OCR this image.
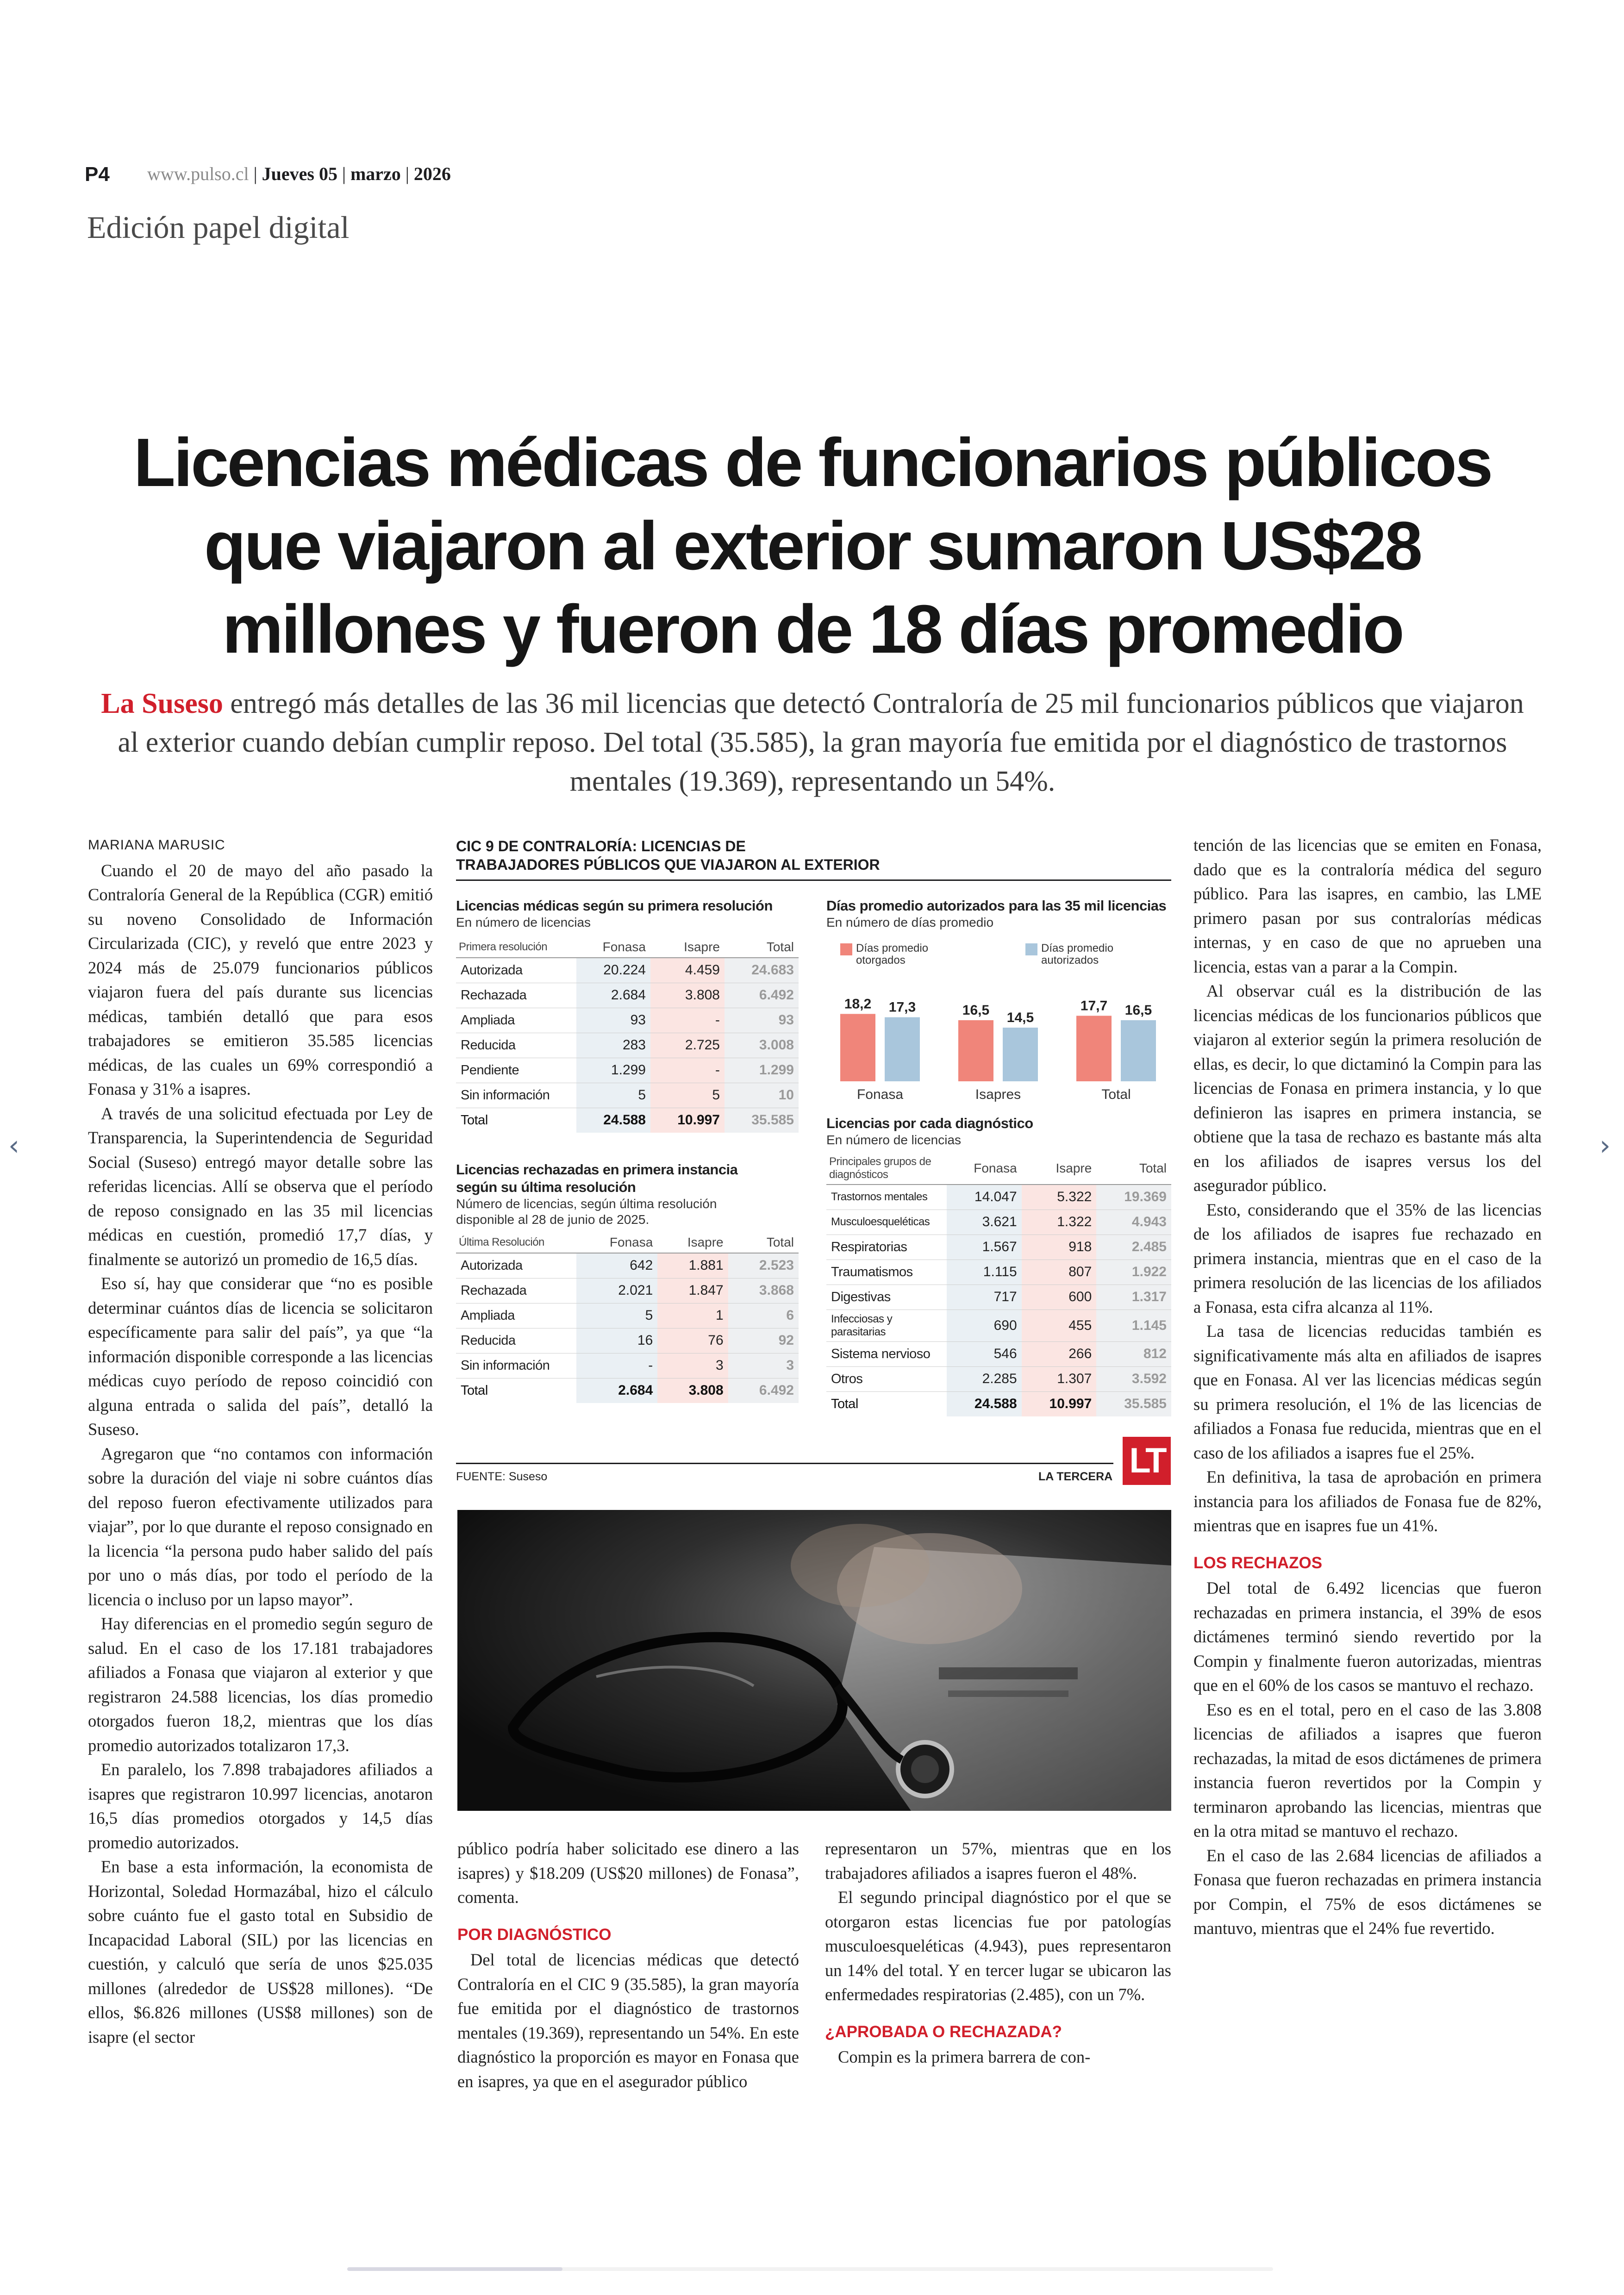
P4 www.pulso.cl | Jueves 05 | marzo | 2026
Edición papel digital
Licencias médicas de funcionarios públicos
que viajaron al exterior sumaron US$28
millones y fueron de 18 días promedio
La Suseso entregó más detalles de las 36 mil licencias que detectó Contraloría de 25 mil funcionarios públicos que viajaron al exterior cuando debían cumplir reposo. Del total (35.585), la gran mayoría fue emitida por el diagnóstico de trastornos mentales (19.369), representando un 54%.

MARIANA MARUSIC

Cuando el 20 de mayo del año pasado la Contraloría General de la República (CGR) emitió su noveno Consolidado de Información Circularizada (CIC), y reveló que entre 2023 y 2024 más de 25.079 funcionarios públicos viajaron fuera del país durante sus licencias médicas, también detalló que para esos trabajadores se emitieron 35.585 licencias médicas, de las cuales un 69% correspondió a Fonasa y 31% a isapres.

A través de una solicitud efectuada por Ley de Transparencia, la Superintendencia de Seguridad Social (Suseso) entregó mayor detalle sobre las referidas licencias. Allí se observa que el período de reposo consignado en las 35 mil licencias médicas en cuestión, promedió 17,7 días, y finalmente se autorizó un promedio de 16,5 días.

Eso sí, hay que considerar que “no es posible determinar cuántos días de licencia se solicitaron específicamente para salir del país”, ya que “la información disponible corresponde a las licencias médicas cuyo período de reposo coincidió con alguna entrada o salida del país”, detalló la Suseso.

Agregaron que “no contamos con información sobre la duración del viaje ni sobre cuántos días del reposo fueron efectivamente utilizados para viajar”, por lo que durante el reposo consignado en la licencia “la persona pudo haber salido del país por uno o más días, por todo el período de la licencia o incluso por un lapso mayor”.

Hay diferencias en el promedio según seguro de salud. En el caso de los 17.181 trabajadores afiliados a Fonasa que viajaron al exterior y que registraron 24.588 licencias, los días promedio otorgados fueron 18,2, mientras que los días promedio autorizados totalizaron 17,3.

En paralelo, los 7.898 trabajadores afiliados a isapres que registraron 10.997 licencias, anotaron 16,5 días promedios otorgados y 14,5 días promedio autorizados.

En base a esta información, la economista de Horizontal, Soledad Hormazábal, hizo el cálculo sobre cuánto fue el gasto total en Subsidio de Incapacidad Laboral (SIL) por las licencias en cuestión, y calculó que sería de unos $25.035 millones (alrededor de US$28 millones). “De ellos, $6.826 millones (US$8 millones) son de isapre (el sector

CIC 9 DE CONTRALORÍA: LICENCIAS DE
TRABAJADORES PÚBLICOS QUE VIAJARON AL EXTERIOR
Licencias médicas según su primera resolución
En número de licencias
Primera resolución	Fonasa	Isapre	Total
Autorizada	20.224	4.459	24.683
Rechazada	2.684	3.808	6.492
Ampliada	93	-	93
Reducida	283	2.725	3.008
Pendiente	1.299	-	1.299
Sin información	5	5	10
Total	24.588	10.997	35.585
Licencias rechazadas en primera instancia
según su última resolución
Número de licencias, según última resolución
disponible al 28 de junio de 2025.
Última Resolución	Fonasa	Isapre	Total
Autorizada	642	1.881	2.523
Rechazada	2.021	1.847	3.868
Ampliada	5	1	6
Reducida	16	76	92
Sin información	-	3	3
Total	2.684	3.808	6.492
Días promedio autorizados para las 35 mil licencias
En número de días promedio
Días promedio
otorgados
Días promedio
autorizados
18,2 17,3
Fonasa
16,5 14,5
Isapres
17,7 16,5
Total
Licencias por cada diagnóstico
En número de licencias
Principales grupos de diagnósticos	Fonasa	Isapre	Total
Trastornos mentales	14.047	5.322	19.369
Musculoesqueléticas	3.621	1.322	4.943
Respiratorias	1.567	918	2.485
Traumatismos	1.115	807	1.922
Digestivas	717	600	1.317
Infecciosas y parasitarias	690	455	1.145
Sistema nervioso	546	266	812
Otros	2.285	1.307	3.592
Total	24.588	10.997	35.585
FUENTE: Suseso	LA TERCERA LT

público podría haber solicitado ese dinero a las isapres) y $18.209 (US$20 millones) de Fonasa”, comenta.

POR DIAGNÓSTICO

Del total de licencias médicas que detectó Contraloría en el CIC 9 (35.585), la gran mayoría fue emitida por el diagnóstico de trastornos mentales (19.369), representando un 54%. En este diagnóstico la proporción es mayor en Fonasa que en isapres, ya que en el asegurador público

representaron un 57%, mientras que en los trabajadores afiliados a isapres fueron el 48%.

El segundo principal diagnóstico por el que se otorgaron estas licencias fue por patologías musculoesqueléticas (4.943), pues representaron un 14% del total. Y en tercer lugar se ubicaron las enfermedades respiratorias (2.485), con un 7%.

¿APROBADA O RECHAZADA?

Compin es la primera barrera de con-

tención de las licencias que se emiten en Fonasa, dado que es la contraloría médica del seguro público. Para las isapres, en cambio, las LME primero pasan por sus contralorías médicas internas, y en caso de que no aprueben una licencia, estas van a parar a la Compin.

Al observar cuál es la distribución de las licencias médicas de los funcionarios públicos que viajaron al exterior según la primera resolución de ellas, es decir, lo que dictaminó la Compin para las licencias de Fonasa en primera instancia, y lo que definieron las isapres en primera instancia, se obtiene que la tasa de rechazo es bastante más alta en los afiliados de isapres versus los del asegurador público.

Esto, considerando que el 35% de las licencias de los afiliados de isapres fue rechazado en primera instancia, mientras que en el caso de la primera resolución de las licencias de los afiliados a Fonasa, esta cifra alcanza al 11%.

La tasa de licencias reducidas también es significativamente más alta en afiliados de isapres que en Fonasa. Al ver las licencias médicas según su primera resolución, el 1% de las licencias de afiliados a Fonasa fue reducida, mientras que en el caso de los afiliados a isapres fue el 25%.

En definitiva, la tasa de aprobación en primera instancia para los afiliados de Fonasa fue de 82%, mientras que en isapres fue un 41%.

LOS RECHAZOS

Del total de 6.492 licencias que fueron rechazadas en primera instancia, el 39% de esos dictámenes terminó siendo revertido por la Compin y finalmente fueron autorizadas, mientras que en el 60% de los casos se mantuvo el rechazo.

Eso es en el total, pero en el caso de las 3.808 licencias de afiliados a isapres que fueron rechazadas, la mitad de esos dictámenes de primera instancia fueron revertidos por la Compin y terminaron aprobando las licencias, mientras que en la otra mitad se mantuvo el rechazo.

En el caso de las 2.684 licencias de afiliados a Fonasa que fueron rechazadas en primera instancia por Compin, el 75% de esos dictámenes se mantuvo, mientras que el 24% fue revertido.

‹	›
